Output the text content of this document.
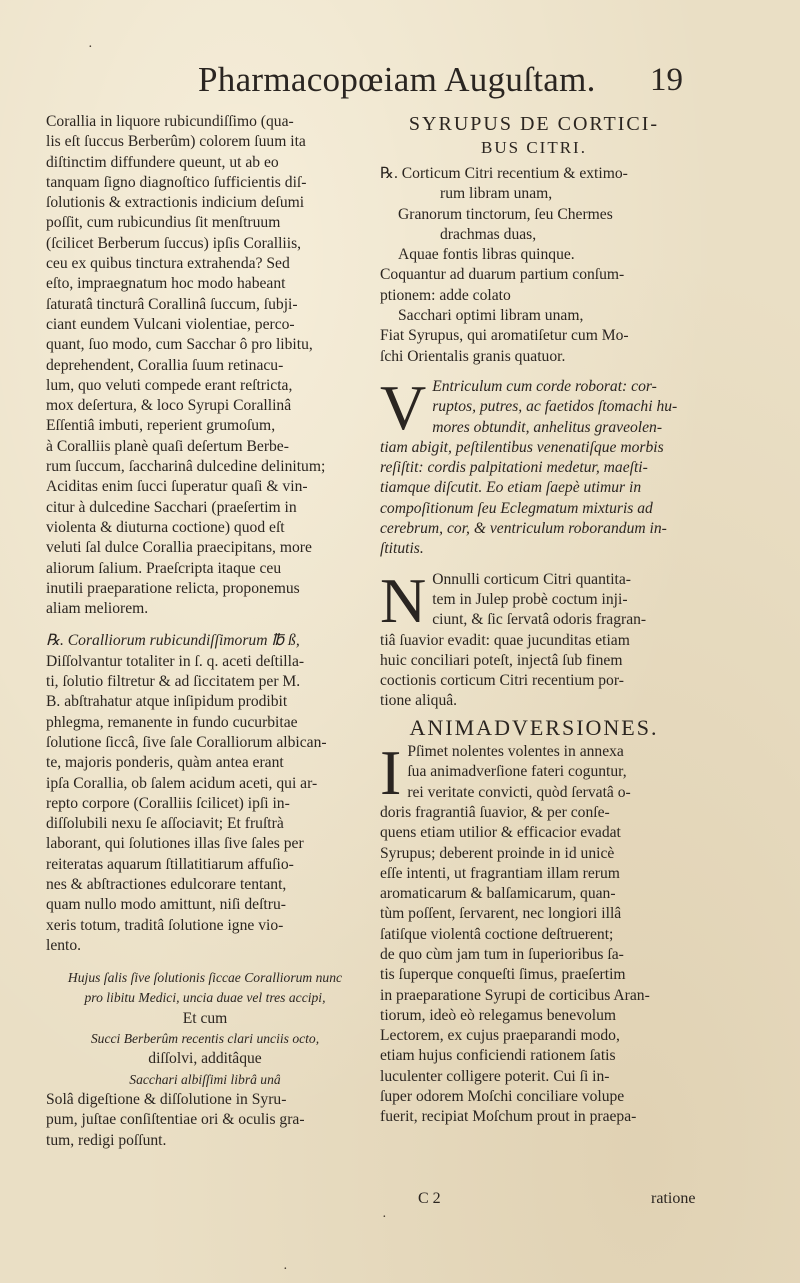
Pharmacopœiam Auguſtam. 19
Corallia in liquore rubicundiſſimo (qua-
lis eſt ſuccus Berberûm) colorem ſuum ita
diſtinctim diffundere queunt, ut ab eo
tanquam ſigno diagnoſtico ſufficientis diſ-
ſolutionis & extractionis indicium deſumi
poſſit, cum rubicundius ſit menſtruum
(ſcilicet Berberum ſuccus) ipſis Coralliis,
ceu ex quibus tinctura extrahenda? Sed
eſto, impraegnatum hoc modo habeant
ſaturatâ tincturâ Corallinâ ſuccum, ſubji-
ciant eundem Vulcani violentiae, perco-
quant, ſuo modo, cum Sacchar ô pro libitu,
deprehendent, Corallia ſuum retinacu-
lum, quo veluti compede erant reſtricta,
mox deſertura, & loco Syrupi Corallinâ
Eſſentiâ imbuti, reperient grumoſum,
à Coralliis planè quaſi deſertum Berbe-
rum ſuccum, ſaccharinâ dulcedine delinitum;
Aciditas enim ſucci ſuperatur quaſi & vin-
citur à dulcedine Sacchari (praeſertim in
violenta & diuturna coctione) quod eſt
veluti ſal dulce Corallia praecipitans, more
aliorum ſalium. Praeſcripta itaque ceu
inutili praeparatione relicta, proponemus
aliam meliorem.
℞. Coralliorum rubicundiſſimorum ℔ ß,
Diſſolvantur totaliter in ſ. q. aceti deſtilla-
ti, ſolutio filtretur & ad ſiccitatem per M.
B. abſtrahatur atque inſipidum prodibit
phlegma, remanente in fundo cucurbitae
ſolutione ſiccâ, ſive ſale Coralliorum albican-
te, majoris ponderis, quàm antea erant
ipſa Corallia, ob ſalem acidum aceti, qui ar-
repto corpore (Coralliis ſcilicet) ipſi in-
diſſolubili nexu ſe aſſociavit; Et fruſtrà
laborant, qui ſolutiones illas ſive ſales per
reiteratas aquarum ſtillatitiarum affuſio-
nes & abſtractiones edulcorare tentant,
quam nullo modo amittunt, niſi deſtru-
xeris totum, traditâ ſolutione igne vio-
lento.
Hujus ſalis ſive ſolutionis ſiccae Coralliorum nunc
pro libitu Medici, uncia duae vel tres accipi,
Et cum
Succi Berberûm recentis clari unciis octo,
diſſolvi, additâque
Sacchari albiſſimi librâ unâ
Solâ digeſtione & diſſolutione in Syru-
pum, juſtae conſiſtentiae ori & oculis gra-
tum, redigi poſſunt.
SYRUPUS DE CORTICI-
BUS CITRI.
℞. Corticum Citri recentium & extimo-
rum libram unam,
Granorum tinctorum, ſeu Chermes
drachmas duas,
Aquae fontis libras quinque.
Coquantur ad duarum partium conſum-
ptionem: adde colato
Sacchari optimi libram unam,
Fiat Syrupus, qui aromatiſetur cum Mo-
ſchi Orientalis granis quatuor.
V Entriculum cum corde roborat: cor-
ruptos, putres, ac faetidos ſtomachi hu-
mores obtundit, anhelitus graveolen-
tiam abigit, peſtilentibus venenatiſque morbis
reſiſtit: cordis palpitationi medetur, maeſti-
tiamque diſcutit. Eo etiam ſaepè utimur in
compoſitionum ſeu Eclegmatum mixturis ad
cerebrum, cor, & ventriculum roborandum in-
ſtitutis.
N Onnulli corticum Citri quantita-
tem in Julep probè coctum inji-
ciunt, & ſic ſervatâ odoris fragran-
tiâ ſuavior evadit: quae jucunditas etiam
huic conciliari poteſt, injectâ ſub finem
coctionis corticum Citri recentium por-
tione aliquâ.
ANIMADVERSIONES.
I Pſimet nolentes volentes in annexa
ſua animadverſione fateri coguntur,
rei veritate convicti, quòd ſervatâ o-
doris fragrantiâ ſuavior, & per conſe-
quens etiam utilior & efficacior evadat
Syrupus; deberent proinde in id unicè
eſſe intenti, ut fragrantiam illam rerum
aromaticarum & balſamicarum, quan-
tùm poſſent, ſervarent, nec longiori illâ
ſatiſque violentâ coctione deſtruerent;
de quo cùm jam tum in ſuperioribus ſa-
tis ſuperque conqueſti ſimus, praeſertim
in praeparatione Syrupi de corticibus Aran-
tiorum, ideò eò relegamus benevolum
Lectorem, ex cujus praeparandi modo,
etiam hujus conficiendi rationem ſatis
luculenter colligere poterit. Cui ſi in-
ſuper odorem Moſchi conciliare volupe
fuerit, recipiat Moſchum prout in praepa-
C 2	ratione
·
·
·
